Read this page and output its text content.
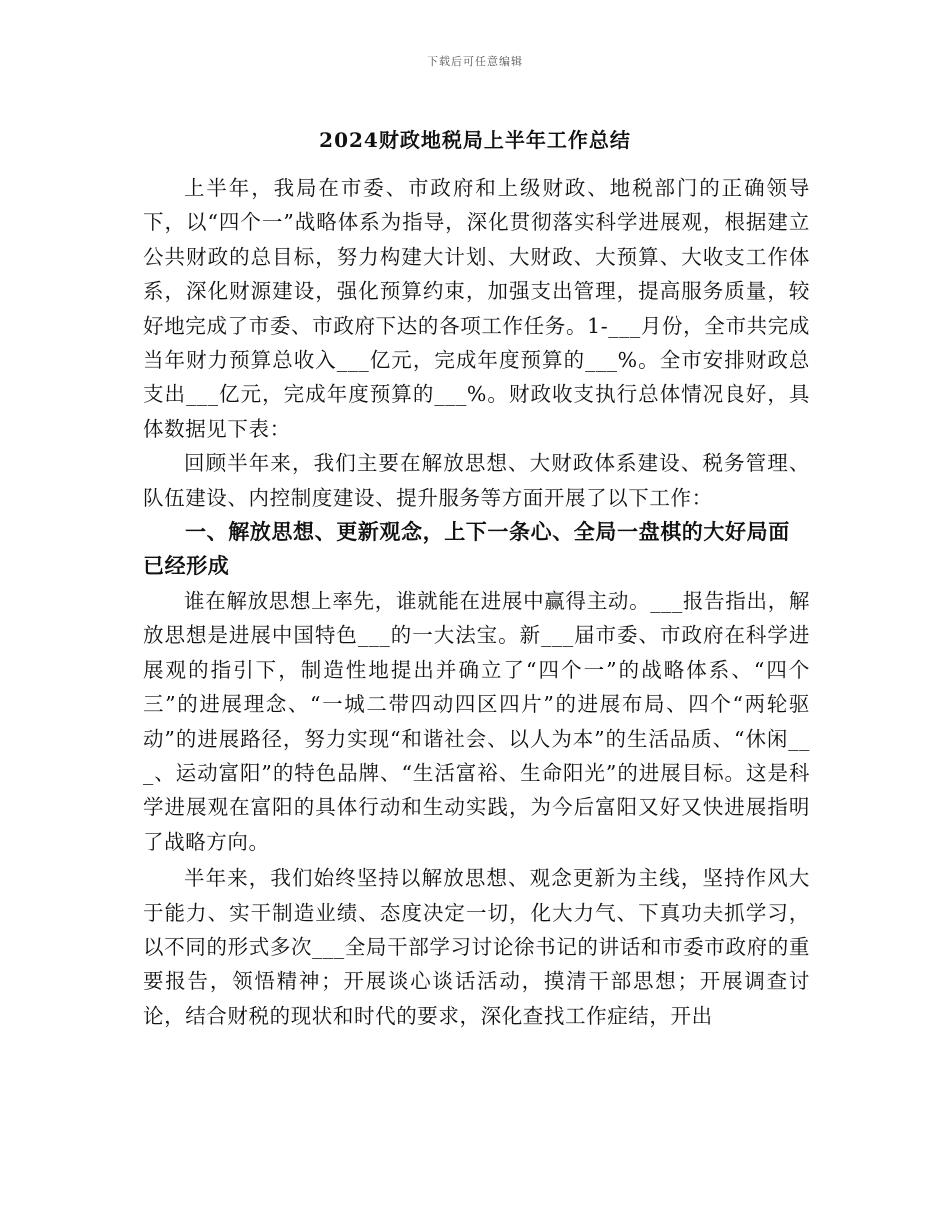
下载后可任意编辑
2024财政地税局上半年工作总结

上半年，我局在市委、市政府和上级财政、地税部门的正确领导下，以“四个一”战略体系为指导，深化贯彻落实科学进展观，根据建立公共财政的总目标，努力构建大计划、大财政、大预算、大收支工作体系，深化财源建设，强化预算约束，加强支出管理，提高服务质量，较好地完成了市委、市政府下达的各项工作任务。1-___月份，全市共完成当年财力预算总收入___亿元，完成年度预算的___%。全市安排财政总支出___亿元，完成年度预算的___%。财政收支执行总体情况良好，具体数据见下表：

回顾半年来，我们主要在解放思想、大财政体系建设、税务管理、队伍建设、内控制度建设、提升服务等方面开展了以下工作：

一、解放思想、更新观念，上下一条心、全局一盘棋的大好局面已经形成

谁在解放思想上率先，谁就能在进展中赢得主动。___报告指出，解放思想是进展中国特色___的一大法宝。新___届市委、市政府在科学进展观的指引下，制造性地提出并确立了“四个一”的战略体系、“四个三”的进展理念、“一城二带四动四区四片”的进展布局、四个“两轮驱动”的进展路径，努力实现“和谐社会、以人为本”的生活品质、“休闲___、运动富阳”的特色品牌、“生活富裕、生命阳光”的进展目标。这是科学进展观在富阳的具体行动和生动实践，为今后富阳又好又快进展指明了战略方向。

半年来，我们始终坚持以解放思想、观念更新为主线，坚持作风大于能力、实干制造业绩、态度决定一切，化大力气、下真功夫抓学习，以不同的形式多次___全局干部学习讨论徐书记的讲话和市委市政府的重要报告，领悟精神；开展谈心谈话活动，摸清干部思想；开展调查讨论，结合财税的现状和时代的要求，深化查找工作症结，开出
